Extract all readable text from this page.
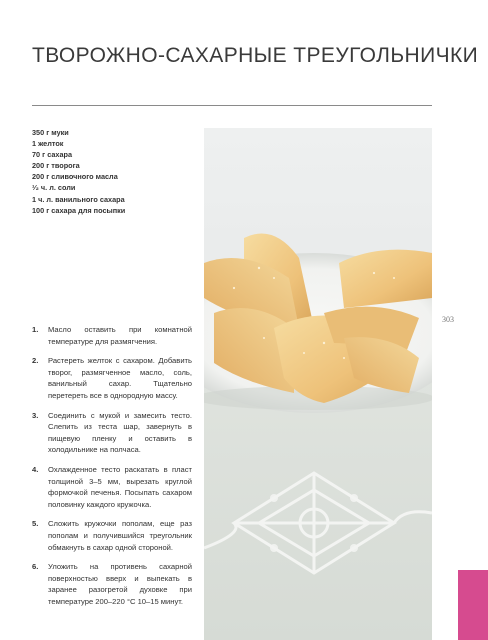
ТВОРОЖНО-САХАРНЫЕ ТРЕУГОЛЬНИЧКИ
350 г муки
1 желток
70 г сахара
200 г творога
200 г сливочного масла
¹⁄₂ ч. л. соли
1 ч. л. ванильного сахара
100 г сахара для посыпки
303
1. Масло оставить при комнатной температуре для размягчения.
2. Растереть желток с сахаром. Добавить творог, размягченное масло, соль, ванильный сахар. Тщательно перетереть все в однородную массу.
3. Соединить с мукой и замесить тесто. Слепить из теста шар, завернуть в пищевую пленку и оставить в холодильнике на полчаса.
4. Охлажденное тесто раскатать в пласт толщиной 3–5 мм, вырезать круглой формочкой печенья. Посыпать сахаром половинку каждого кружочка.
5. Сложить кружочки пополам, еще раз пополам и получившийся треугольник обмакнуть в сахар одной стороной.
6. Уложить на противень сахарной поверхностью вверх и выпекать в заранее разогретой духовке при температуре 200–220 °C 10–15 минут.
